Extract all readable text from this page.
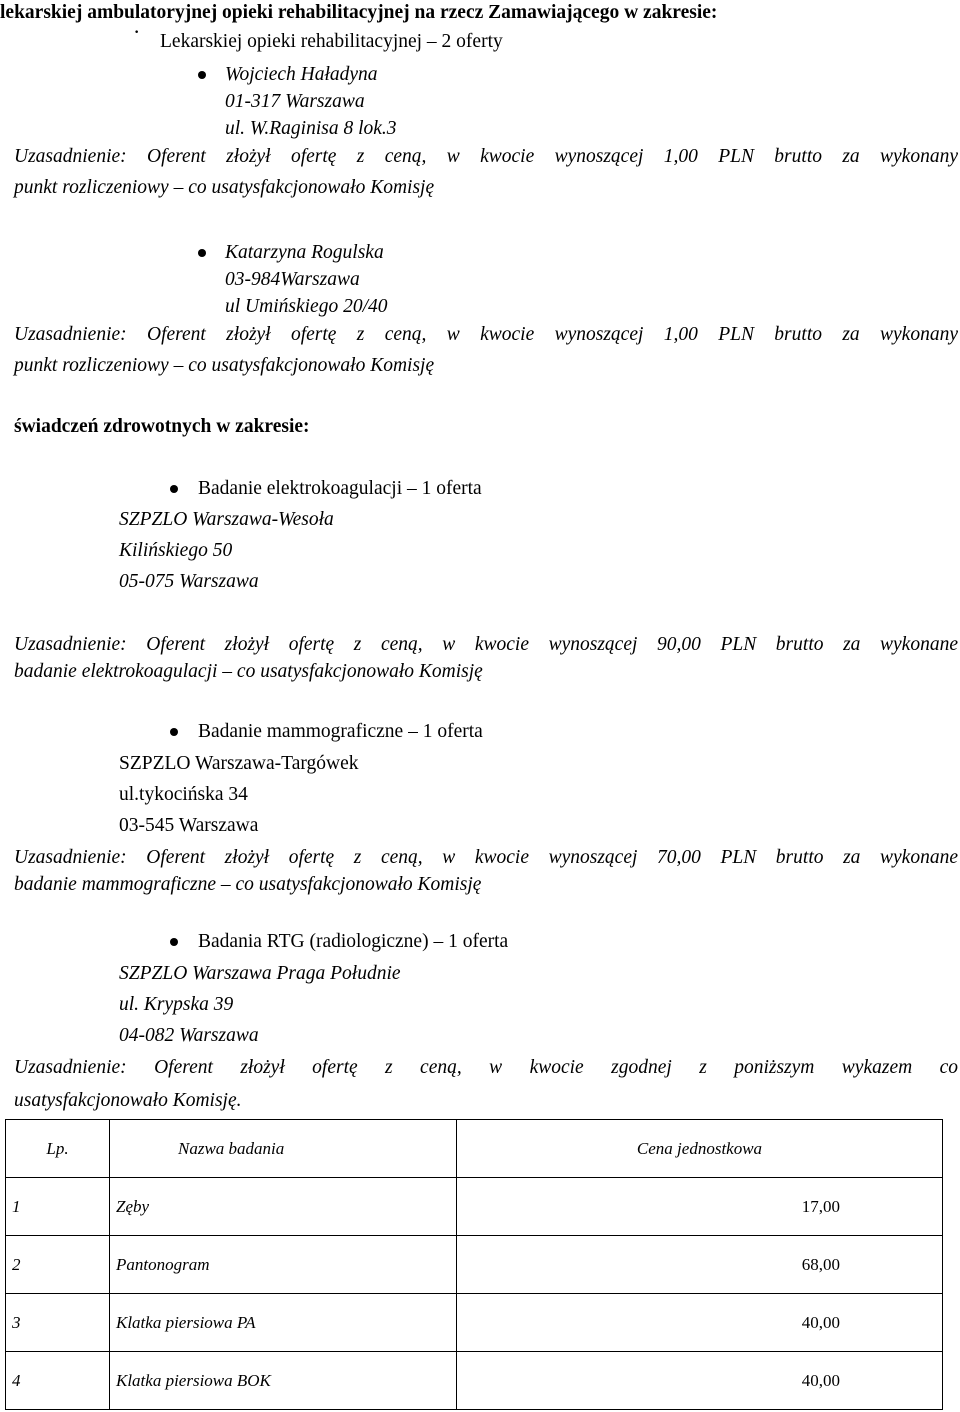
lekarskiej ambulatoryjnej opieki rehabilitacyjnej na rzecz Zamawiającego w zakresie:
· Lekarskiej opieki rehabilitacyjnej – 2 oferty
Wojciech Haładyna
01-317 Warszawa
ul. W.Raginisa 8 lok.3
Uzasadnienie: Oferent złożył ofertę z ceną, w kwocie wynoszącej 1,00 PLN brutto za wykonany
punkt rozliczeniowy – co usatysfakcjonowało Komisję
Katarzyna Rogulska
03-984Warszawa
ul Umińskiego 20/40
Uzasadnienie: Oferent złożył ofertę z ceną, w kwocie wynoszącej 1,00 PLN brutto za wykonany
punkt rozliczeniowy – co usatysfakcjonowało Komisję
świadczeń zdrowotnych w zakresie:
Badanie elektrokoagulacji – 1 oferta
SZPZLO Warszawa-Wesoła
Kilińskiego 50
05-075 Warszawa
Uzasadnienie: Oferent złożył ofertę z ceną, w kwocie wynoszącej 90,00 PLN brutto za wykonane
badanie elektrokoagulacji – co usatysfakcjonowało Komisję
Badanie mammograficzne – 1 oferta
SZPZLO Warszawa-Targówek
ul.tykocińska 34
03-545 Warszawa
Uzasadnienie: Oferent złożył ofertę z ceną, w kwocie wynoszącej 70,00 PLN brutto za wykonane
badanie mammograficzne – co usatysfakcjonowało Komisję
Badania RTG (radiologiczne) – 1 oferta
SZPZLO Warszawa Praga Południe
ul. Krypska 39
04-082 Warszawa
Uzasadnienie: Oferent złożył ofertę z ceną, w kwocie zgodnej z poniższym wykazem co
usatysfakcjonowało Komisję.
Lp.	Nazwa badania	Cena jednostkowa
1	Zęby	17,00
2	Pantonogram	68,00
3	Klatka piersiowa PA	40,00
4	Klatka piersiowa BOK	40,00
